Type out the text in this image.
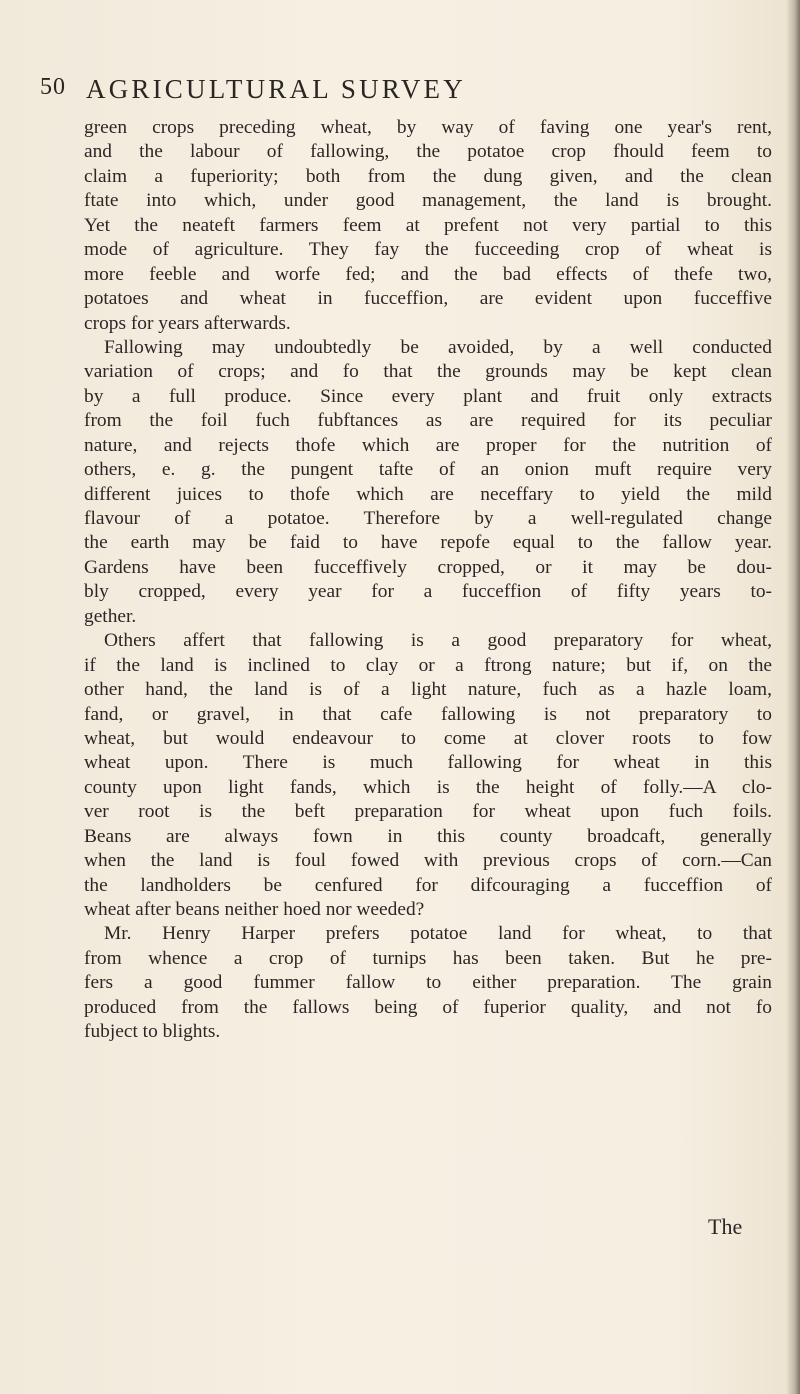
50 AGRICULTURAL SURVEY
green crops preceding wheat, by way of faving one year's rent,
and the labour of fallowing, the potatoe crop fhould feem to
claim a fuperiority; both from the dung given, and the clean
ftate into which, under good management, the land is brought.
Yet the neateft farmers feem at prefent not very partial to this
mode of agriculture. They fay the fucceeding crop of wheat is
more feeble and worfe fed; and the bad effects of thefe two,
potatoes and wheat in fucceffion, are evident upon fucceffive
crops for years afterwards.
Fallowing may undoubtedly be avoided, by a well conducted
variation of crops; and fo that the grounds may be kept clean
by a full produce. Since every plant and fruit only extracts
from the foil fuch fubftances as are required for its peculiar
nature, and rejects thofe which are proper for the nutrition of
others, e. g. the pungent tafte of an onion muft require very
different juices to thofe which are neceffary to yield the mild
flavour of a potatoe. Therefore by a well-regulated change
the earth may be faid to have repofe equal to the fallow year.
Gardens have been fucceffively cropped, or it may be dou-
bly cropped, every year for a fucceffion of fifty years to-
gether.
Others affert that fallowing is a good preparatory for wheat,
if the land is inclined to clay or a ftrong nature; but if, on the
other hand, the land is of a light nature, fuch as a hazle loam,
fand, or gravel, in that cafe fallowing is not preparatory to
wheat, but would endeavour to come at clover roots to fow
wheat upon. There is much fallowing for wheat in this
county upon light fands, which is the height of folly.—A clo-
ver root is the beft preparation for wheat upon fuch foils.
Beans are always fown in this county broadcaft, generally
when the land is foul fowed with previous crops of corn.—Can
the landholders be cenfured for difcouraging a fucceffion of
wheat after beans neither hoed nor weeded?
Mr. Henry Harper prefers potatoe land for wheat, to that
from whence a crop of turnips has been taken. But he pre-
fers a good fummer fallow to either preparation. The grain
produced from the fallows being of fuperior quality, and not fo
fubject to blights.
The
